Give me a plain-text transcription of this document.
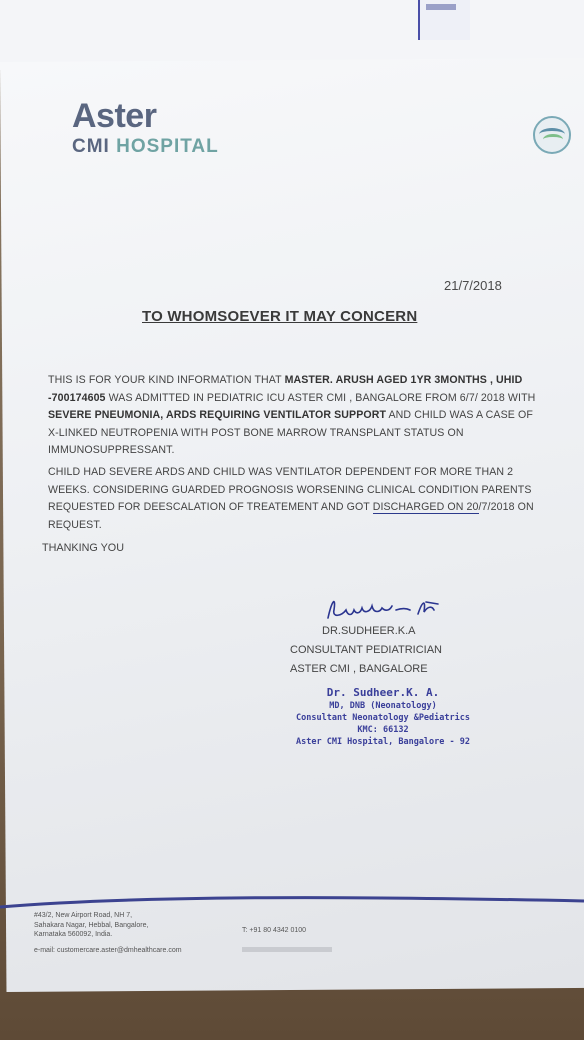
Aster
CMI HOSPITAL
21/7/2018
TO WHOMSOEVER IT MAY CONCERN
THIS IS FOR YOUR KIND INFORMATION THAT MASTER. ARUSH AGED 1YR 3MONTHS , UHID -700174605 WAS ADMITTED IN PEDIATRIC ICU ASTER CMI , BANGALORE FROM 6/7/ 2018 WITH SEVERE PNEUMONIA, ARDS REQUIRING VENTILATOR SUPPORT AND CHILD WAS A CASE OF X-LINKED NEUTROPENIA WITH POST BONE MARROW TRANSPLANT STATUS ON IMMUNOSUPPRESSANT.
CHILD HAD SEVERE ARDS AND CHILD WAS VENTILATOR DEPENDENT FOR MORE THAN 2 WEEKS. CONSIDERING GUARDED PROGNOSIS WORSENING CLINICAL CONDITION PARENTS REQUESTED FOR DEESCALATION OF TREATEMENT AND GOT DISCHARGED ON 20/7/2018 ON REQUEST.
THANKING YOU
DR.SUDHEER.K.A
CONSULTANT PEDIATRICIAN
ASTER CMI , BANGALORE
Dr. Sudheer.K. A.
MD, DNB (Neonatology)
Consultant Neonatology &Pediatrics
KMC: 66132
Aster CMI Hospital, Bangalore - 92
#43/2, New Airport Road, NH 7,
Sahakara Nagar, Hebbal, Bangalore,
Karnataka 560092, India.
e-mail: customercare.aster@dmhealthcare.com
T: +91 80 4342 0100
